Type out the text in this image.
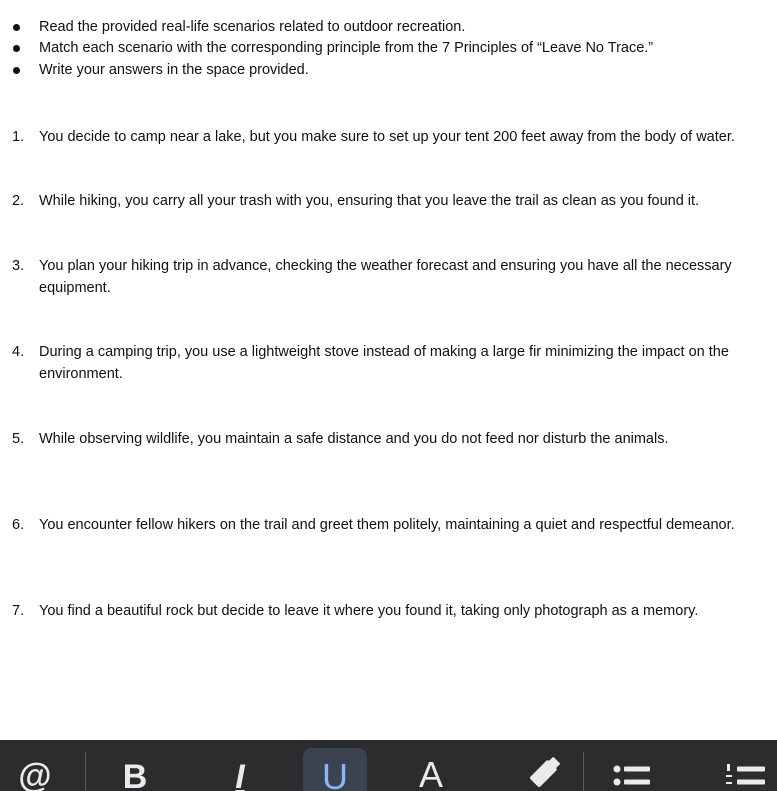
Read the provided real-life scenarios related to outdoor recreation.
Match each scenario with the corresponding principle from the 7 Principles of “Leave No Trace.”
Write your answers in the space provided.
1. You decide to camp near a lake, but you make sure to set up your tent 200 feet away from the body of water.
2. While hiking, you carry all your trash with you, ensuring that you leave the trail as clean as you found it.
3. You plan your hiking trip in advance, checking the weather forecast and ensuring you have all the necessary equipment.
4. During a camping trip, you use a lightweight stove instead of making a large fir minimizing the impact on the environment.
5. While observing wildlife, you maintain a safe distance and you do not feed nor disturb the animals.
6. You encounter fellow hikers on the trail and greet them politely, maintaining a quiet and respectful demeanor.
7. You find a beautiful rock but decide to leave it where you found it, taking only photograph as a memory.
@ B	I U A
